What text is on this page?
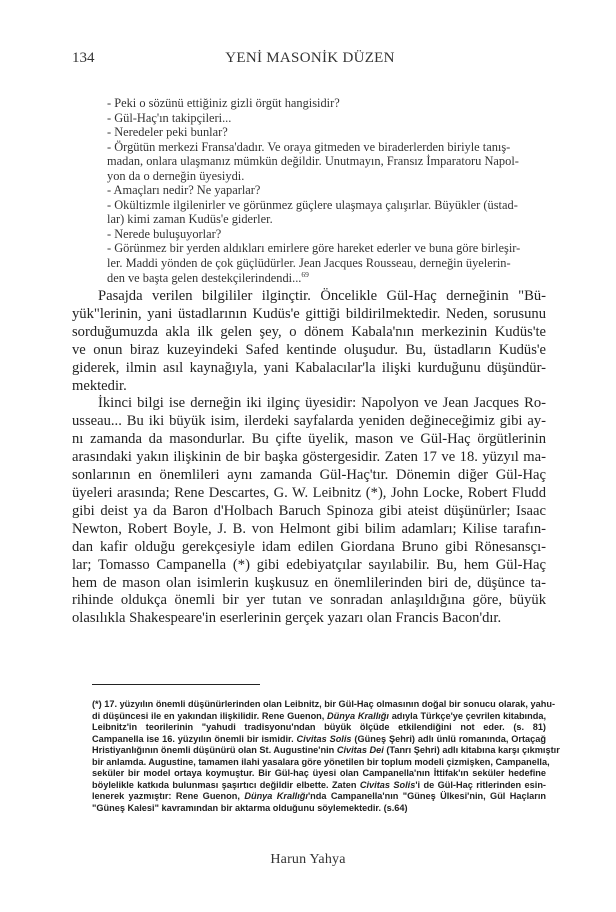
134	YENİ MASONİK DÜZEN
- Peki o sözünü ettiğiniz gizli örgüt hangisidir?
- Gül-Haç'ın takipçileri...
- Neredeler peki bunlar?
- Örgütün merkezi Fransa'dadır. Ve oraya gitmeden ve biraderlerden biriyle tanış-
madan, onlara ulaşmanız mümkün değildir. Unutmayın, Fransız İmparatoru Napol-
yon da o derneğin üyesiydi.
- Amaçları nedir? Ne yaparlar?
- Okültizmle ilgilenirler ve görünmez güçlere ulaşmaya çalışırlar. Büyükler (üstad-
lar) kimi zaman Kudüs'e giderler.
- Nerede buluşuyorlar?
- Görünmez bir yerden aldıkları emirlere göre hareket ederler ve buna göre birleşir-
ler. Maddi yönden de çok güçlüdürler. Jean Jacques Rousseau, derneğin üyelerin-
den ve başta gelen destekçilerindendi...$^{69}$
Pasajda verilen bilgililer ilginçtir. Öncelikle Gül-Haç derneğinin "Bü-
yük"lerinin, yani üstadlarının Kudüs'e gittiği bildirilmektedir. Neden, sorusunu
sorduğumuzda akla ilk gelen şey, o dönem Kabala'nın merkezinin Kudüs'te
ve onun biraz kuzeyindeki Safed kentinde oluşudur. Bu, üstadların Kudüs'e
giderek, ilmin asıl kaynağıyla, yani Kabalacılar'la ilişki kurduğunu düşündür-
mektedir.
İkinci bilgi ise derneğin iki ilginç üyesidir: Napolyon ve Jean Jacques Ro-
usseau... Bu iki büyük isim, ilerdeki sayfalarda yeniden değineceğimiz gibi ay-
nı zamanda da masondurlar. Bu çifte üyelik, mason ve Gül-Haç örgütlerinin
arasındaki yakın ilişkinin de bir başka göstergesidir. Zaten 17 ve 18. yüzyıl ma-
sonlarının en önemlileri aynı zamanda Gül-Haç'tır. Dönemin diğer Gül-Haç
üyeleri arasında; Rene Descartes, G. W. Leibnitz (*), John Locke, Robert Fludd
gibi deist ya da Baron d'Holbach Baruch Spinoza gibi ateist düşünürler; Isaac
Newton, Robert Boyle, J. B. von Helmont gibi bilim adamları; Kilise tarafın-
dan kafir olduğu gerekçesiyle idam edilen Giordana Bruno gibi Rönesansçı-
lar; Tomasso Campanella (*) gibi edebiyatçılar sayılabilir. Bu, hem Gül-Haç
hem de mason olan isimlerin kuşkusuz en önemlilerinden biri de, düşünce ta-
rihinde oldukça önemli bir yer tutan ve sonradan anlaşıldığına göre, büyük
olasılıkla Shakespeare'in eserlerinin gerçek yazarı olan Francis Bacon'dır.
(*) 17. yüzyılın önemli düşünürlerinden olan Leibnitz, bir Gül-Haç olmasının doğal bir sonucu olarak, yahu-
di düşüncesi ile en yakından ilişkilidir. Rene Guenon, Dünya Krallığı adıyla Türkçe'ye çevrilen kitabında,
Leibnitz'in teorilerinin "yahudi tradisyonu'ndan büyük ölçüde etkilendiğini not eder. (s. 81)
Campanella ise 16. yüzyılın önemli bir ismidir. Civitas Solis (Güneş Şehri) adlı ünlü romanında, Ortaçağ
Hristiyanlığının önemli düşünürü olan St. Augustine'nin Civitas Dei (Tanrı Şehri) adlı kitabına karşı çıkmıştır
bir anlamda. Augustine, tamamen ilahi yasalara göre yönetilen bir toplum modeli çizmişken, Campanella,
seküler bir model ortaya koymuştur. Bir Gül-haç üyesi olan Campanella'nın İttifak'ın seküler hedefine
böylelikle katkıda bulunması şaşırtıcı değildir elbette. Zaten Civitas Solis'i de Gül-Haç ritlerinden esin-
lenerek yazmıştır: Rene Guenon, Dünya Krallığı'nda Campanella'nın "Güneş Ülkesi'nin, Gül Haçların
"Güneş Kalesi" kavramından bir aktarma olduğunu söylemektedir. (s.64)
Harun Yahya
